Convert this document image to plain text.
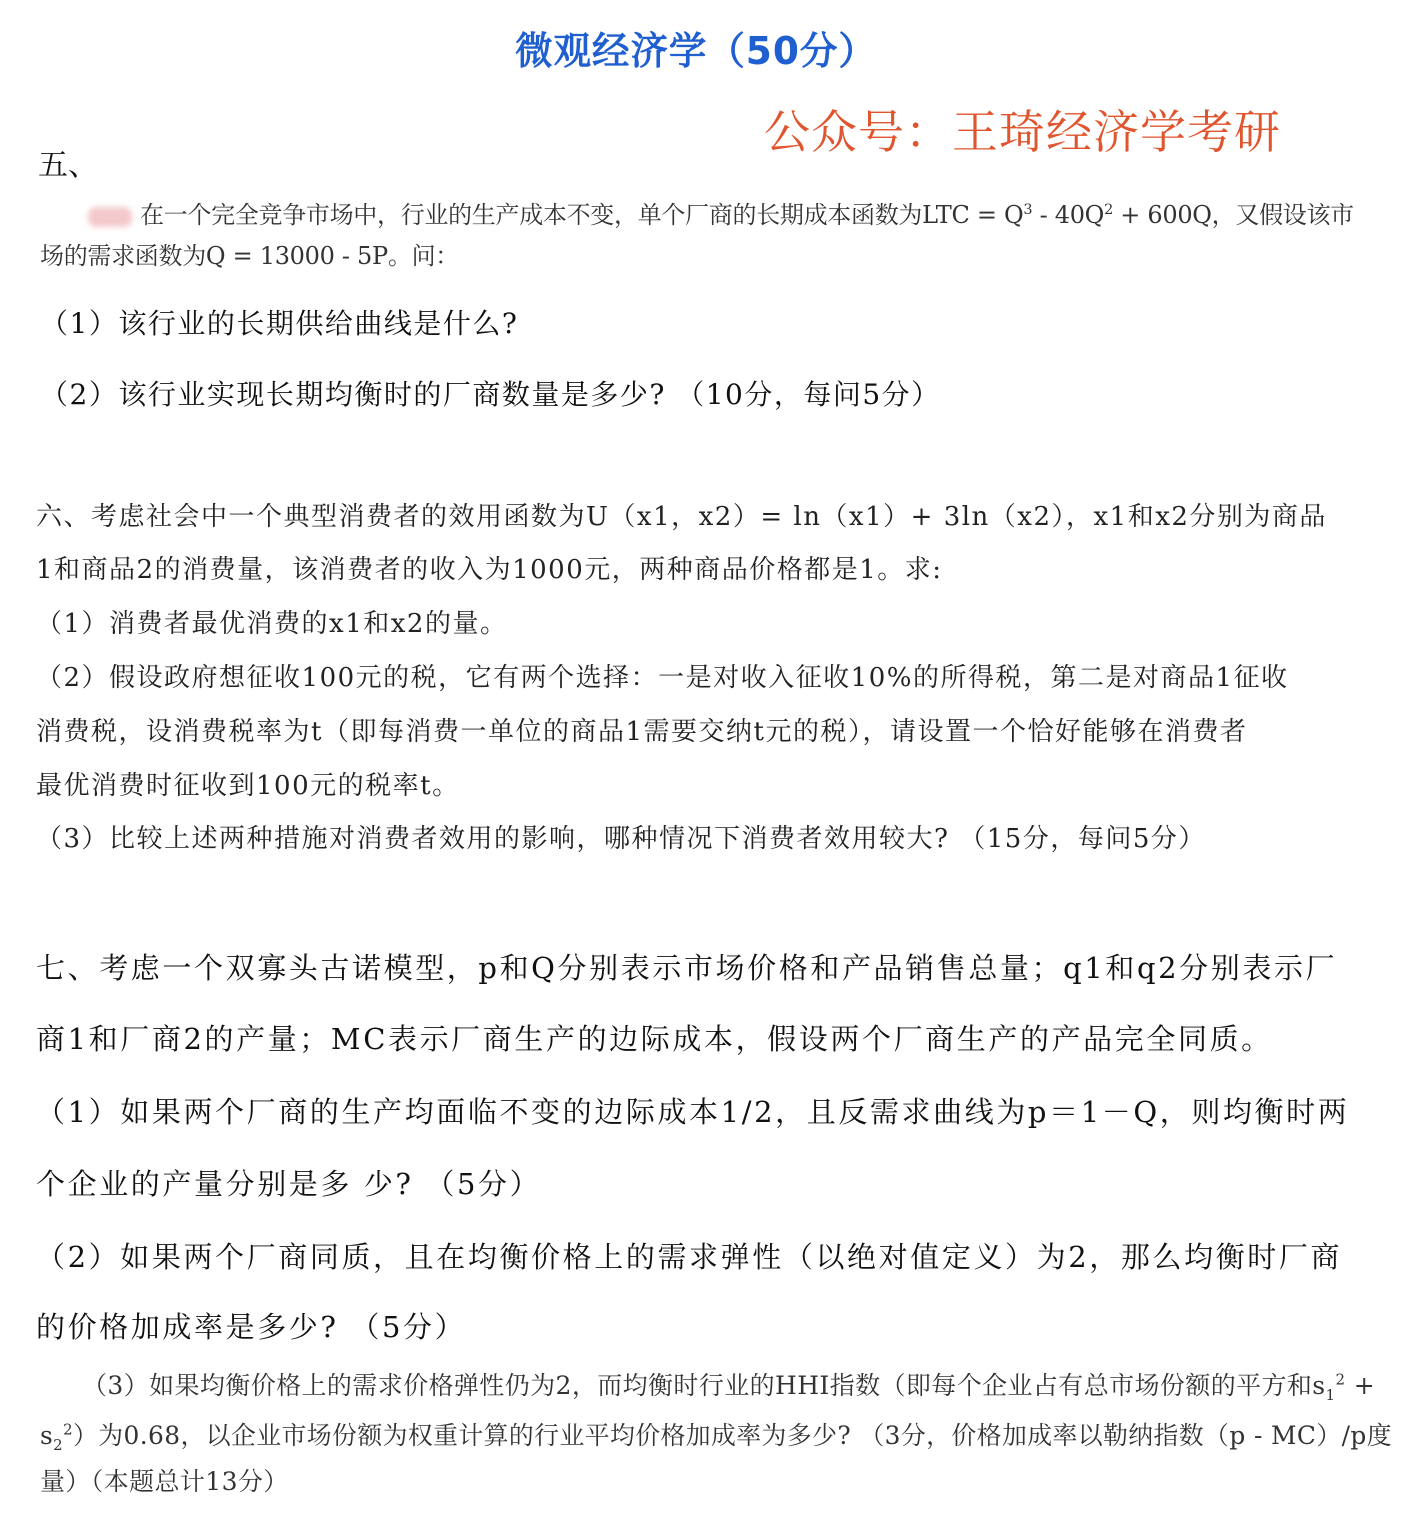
微观经济学（50分）
公众号：王琦经济学考研
五、
在一个完全竞争市场中，行业的生产成本不变，单个厂商的长期成本函数为LTC = $Q^3 - 40Q^2 + 600Q$，又假设该市
场的需求函数为Q = 13000 - 5P。问：
（1）该行业的长期供给曲线是什么?
（2）该行业实现长期均衡时的厂商数量是多少? （10分，每问5分）
六、考虑社会中一个典型消费者的效用函数为U（x1，x2）= ln（x1）+ 3ln（x2），x1和x2分别为商品
1和商品2的消费量，该消费者的收入为1000元，两种商品价格都是1。求:
（1）消费者最优消费的x1和x2的量。
（2）假设政府想征收100元的税，它有两个选择：一是对收入征收10%的所得税，第二是对商品1征收
消费税，设消费税率为t（即每消费一单位的商品1需要交纳t元的税），请设置一个恰好能够在消费者
最优消费时征收到100元的税率t。
（3）比较上述两种措施对消费者效用的影响，哪种情况下消费者效用较大? （15分，每问5分）
七、考虑一个双寡头古诺模型，p和Q分别表示市场价格和产品销售总量；q1和q2分别表示厂
商1和厂商2的产量；MC表示厂商生产的边际成本，假设两个厂商生产的产品完全同质。
（1）如果两个厂商的生产均面临不变的边际成本1/2，且反需求曲线为p＝1－Q，则均衡时两
个企业的产量分别是多 少? （5分）
（2）如果两个厂商同质，且在均衡价格上的需求弹性（以绝对值定义）为2，那么均衡时厂商
的价格加成率是多少? （5分）
（3）如果均衡价格上的需求价格弹性仍为2，而均衡时行业的HHI指数（即每个企业占有总市场份额的平方和$s_1^2$ +
$s_2^2$）为0.68，以企业市场份额为权重计算的行业平均价格加成率为多少? （3分，价格加成率以勒纳指数（p - MC）/p度
量）（本题总计13分）
